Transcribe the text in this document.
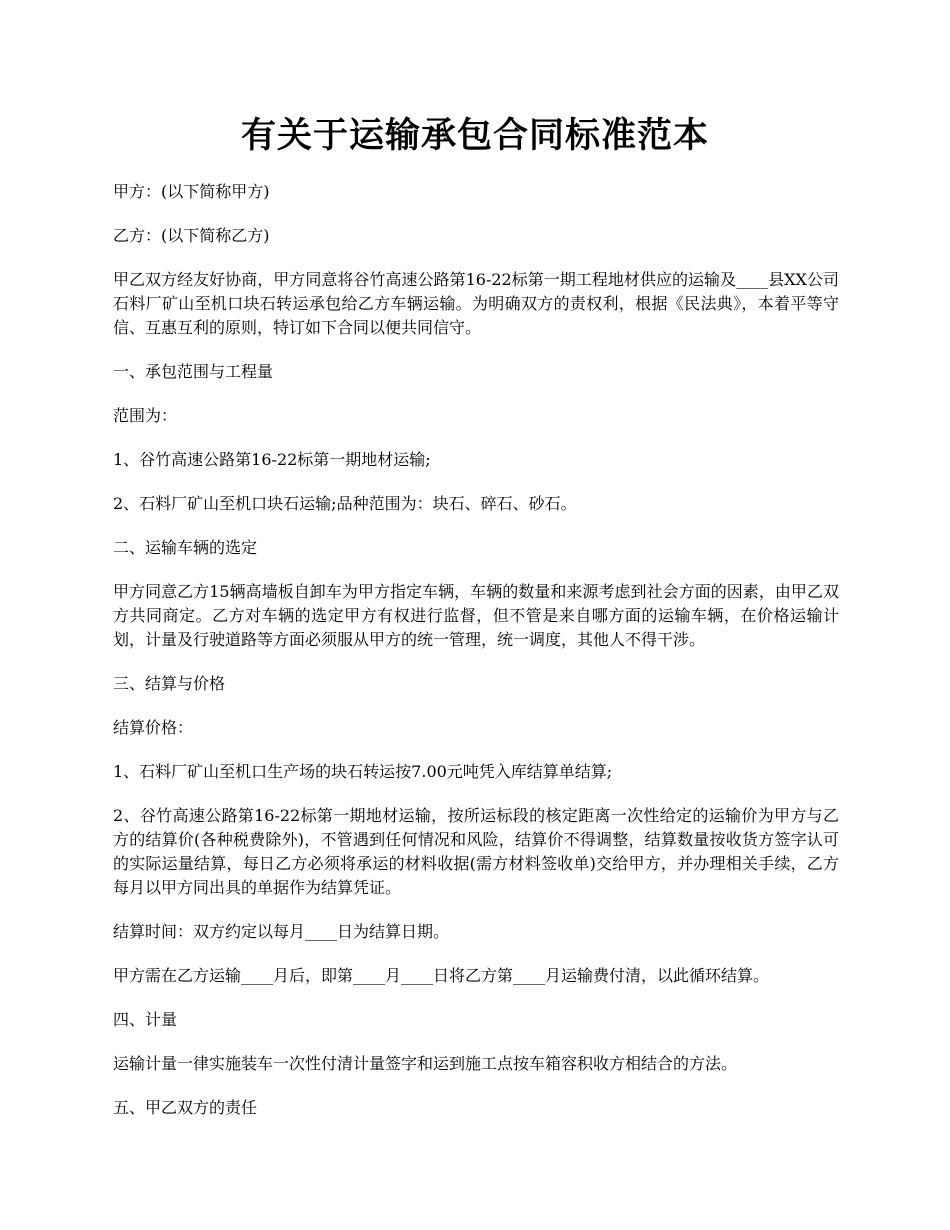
有关于运输承包合同标准范本

甲方：(以下简称甲方)

乙方：(以下简称乙方)

甲乙双方经友好协商，甲方同意将谷竹高速公路第16-22标第一期工程地材供应的运输及____县XX公司石料厂矿山至机口块石转运承包给乙方车辆运输。为明确双方的责权利，根据《民法典》，本着平等守信、互惠互利的原则，特订如下合同以便共同信守。

一、承包范围与工程量

范围为：

1、谷竹高速公路第16-22标第一期地材运输;

2、石料厂矿山至机口块石运输;品种范围为：块石、碎石、砂石。

二、运输车辆的选定

甲方同意乙方15辆高墙板自卸车为甲方指定车辆，车辆的数量和来源考虑到社会方面的因素，由甲乙双方共同商定。乙方对车辆的选定甲方有权进行监督，但不管是来自哪方面的运输车辆，在价格运输计划，计量及行驶道路等方面必须服从甲方的统一管理，统一调度，其他人不得干涉。

三、结算与价格

结算价格：

1、石料厂矿山至机口生产场的块石转运按7.00元吨凭入库结算单结算;

2、谷竹高速公路第16-22标第一期地材运输，按所运标段的核定距离一次性给定的运输价为甲方与乙方的结算价(各种税费除外)，不管遇到任何情况和风险，结算价不得调整，结算数量按收货方签字认可的实际运量结算，每日乙方必须将承运的材料收据(需方材料签收单)交给甲方，并办理相关手续，乙方每月以甲方同出具的单据作为结算凭证。

结算时间：双方约定以每月____日为结算日期。

甲方需在乙方运输____月后，即第____月____日将乙方第____月运输费付清，以此循环结算。

四、计量

运输计量一律实施装车一次性付清计量签字和运到施工点按车箱容积收方相结合的方法。

五、甲乙双方的责任
